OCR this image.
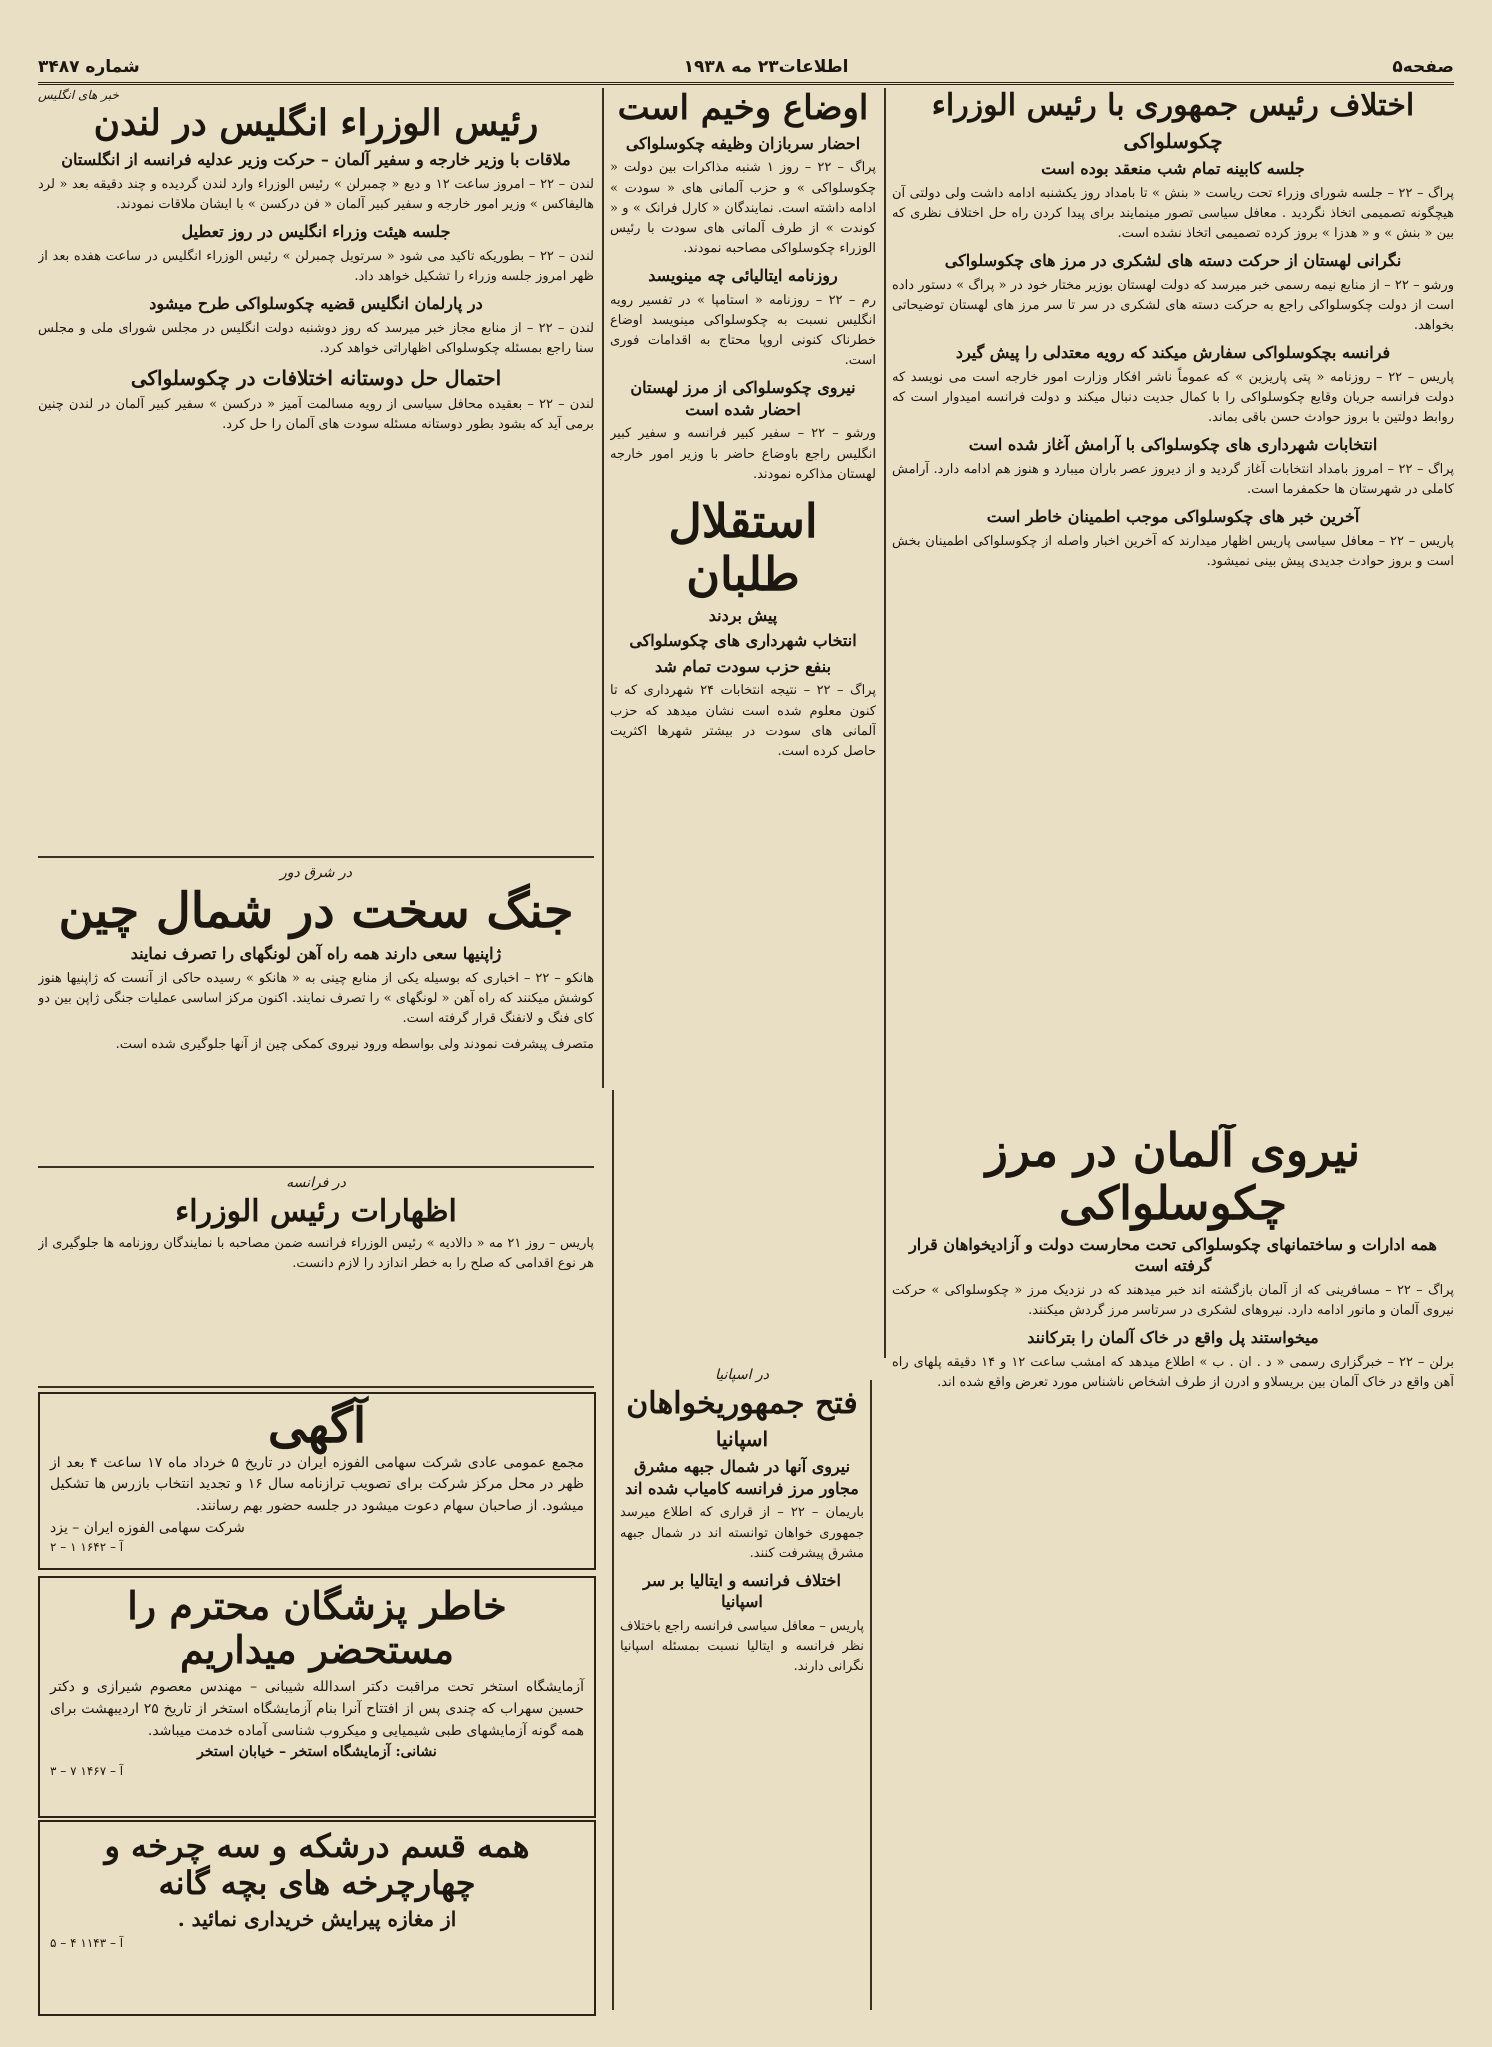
شماره ۳۴۸۷	اطلاعات۲۳ مه ۱۹۳۸	صفحه۵
اختلاف رئیس جمهوری با رئیس الوزراء
چکوسلواکی
جلسه کابینه تمام شب منعقد بوده است

پراگ – ۲۲ – جلسه شورای وزراء تحت ریاست « بنش » تا بامداد روز یکشنبه ادامه داشت ولی دولتی آن هیچگونه تصمیمی اتخاذ نگردید . معافل سیاسی تصور مینمایند برای پیدا کردن راه حل اختلاف نظری که بین « بنش » و « هدزا » بروز کرده تصمیمی اتخاذ نشده است.

نگرانی لهستان از حرکت دسته های لشکری در مرز های چکوسلواکی

ورشو – ۲۲ – از منابع نیمه رسمی خبر میرسد که دولت لهستان بوزیر مختار خود در « پراگ » دستور داده است از دولت چکوسلواکی راجع به حرکت دسته های لشکری در سر تا سر مرز های لهستان توضیحاتی بخواهد.

فرانسه بچکوسلواکی سفارش میکند که رویه معتدلی را پیش گیرد

پاریس – ۲۲ – روزنامه « پتی پاریزین » که عموماً ناشر افکار وزارت امور خارجه است می نویسد که دولت فرانسه جریان وقایع چکوسلواکی را با کمال جدیت دنبال میکند و دولت فرانسه امیدوار است که روابط دولتین با بروز حوادث حسن باقی بماند.

انتخابات شهرداری های چکوسلواکی با آرامش آغاز شده است

پراگ – ۲۲ – امروز بامداد انتخابات آغاز گردید و از دیروز عصر باران میبارد و هنوز هم ادامه دارد. آرامش کاملی در شهرستان ها حکمفرما است.

آخرین خبر های چکوسلواکی موجب اطمینان خاطر است

پاریس – ۲۲ – معافل سیاسی پاریس اظهار میدارند که آخرین اخبار واصله از چکوسلواکی اطمینان بخش است و بروز حوادث جدیدی پیش بینی نمیشود.

اوضاع وخیم است
احضار سربازان وظیفه چکوسلواکی

پراگ – ۲۲ – روز ۱ شنبه مذاکرات بین دولت « چکوسلواکی » و حزب آلمانی های « سودت » ادامه داشته است. نمایندگان « کارل فرانک » و « کوندت » از طرف آلمانی های سودت با رئیس الوزراء چکوسلواکی مصاحبه نمودند.

روزنامه ایتالیائی چه مینویسد

رم – ۲۲ – روزنامه « استامپا » در تفسیر رویه انگلیس نسبت به چکوسلواکی مینویسد اوضاع خطرناک کنونی اروپا محتاج به اقدامات فوری است.

نیروی چکوسلواکی از مرز لهستان احضار شده است

ورشو – ۲۲ – سفیر کبیر فرانسه و سفیر کبیر انگلیس راجع باوضاع حاضر با وزیر امور خارجه لهستان مذاکره نمودند.

استقلال طلبان
پیش بردند
انتخاب شهرداری های چکوسلواکی
بنفع حزب سودت تمام شد

پراگ – ۲۲ – نتیجه انتخابات ۲۴ شهرداری که تا کنون معلوم شده است نشان میدهد که حزب آلمانی های سودت در بیشتر شهرها اکثریت حاصل کرده است.

خبر های انگلیس
رئیس الوزراء انگلیس در لندن
ملاقات با وزیر خارجه و سفیر آلمان – حرکت وزیر عدلیه فرانسه از انگلستان

لندن – ۲۲ – امروز ساعت ۱۲ و دیع « چمبرلن » رئیس الوزراء وارد لندن گردیده و چند دقیقه بعد « لرد هالیفاکس » وزیر امور خارجه و سفیر کبیر آلمان « فن درکسن » با ایشان ملاقات نمودند.

جلسه هیئت وزراء انگلیس در روز تعطیل

لندن – ۲۲ – بطوریکه تاکید می شود « سرتویل چمبرلن » رئیس الوزراء انگلیس در ساعت هفده بعد از ظهر امروز جلسه وزراء را تشکیل خواهد داد.

در پارلمان انگلیس قضیه چکوسلواکی طرح میشود

لندن – ۲۲ – از منابع مجاز خبر میرسد که روز دوشنبه دولت انگلیس در مجلس شورای ملی و مجلس سنا راجع بمسئله چکوسلواکی اظهاراتی خواهد کرد.

احتمال حل دوستانه اختلافات در چکوسلواکی

لندن – ۲۲ – بعقیده محافل سیاسی از رویه مسالمت آمیز « درکسن » سفیر کبیر آلمان در لندن چنین برمی آید که بشود بطور دوستانه مسئله سودت های آلمان را حل کرد.

در شرق دور
جنگ سخت در شمال چین
ژاپنیها سعی دارند همه راه آهن لونگهای را تصرف نمایند

هانکو – ۲۲ – اخباری که بوسیله یکی از منابع چینی به « هانکو » رسیده حاکی از آنست که ژاپنیها هنوز کوشش میکنند که راه آهن « لونگهای » را تصرف نمایند. اکنون مرکز اساسی عملیات جنگی ژاپن بین دو کای فنگ و لانفنگ قرار گرفته است.

متصرف پیشرفت نمودند ولی بواسطه ورود نیروی کمکی چین از آنها جلوگیری شده است.

در فرانسه
اظهارات رئیس الوزراء

پاریس – روز ۲۱ مه « دالادیه » رئیس الوزراء فرانسه ضمن مصاحبه با نمایندگان روزنامه ها جلوگیری از هر نوع اقدامی که صلح را به خطر اندازد را لازم دانست.

نیروی آلمان در مرز چکوسلواکی
همه ادارات و ساختمانهای چکوسلواکی تحت محارست دولت و آزادیخواهان قرار گرفته است

پراگ – ۲۲ – مسافرینی که از آلمان بازگشته اند خبر میدهند که در نزدیک مرز « چکوسلواکی » حرکت نیروی آلمان و مانور ادامه دارد. نیروهای لشکری در سرتاسر مرز گردش میکنند.

میخواستند پل واقع در خاک آلمان را بترکانند

برلن – ۲۲ – خبرگزاری رسمی « د . ان . ب » اطلاع میدهد که امشب ساعت ۱۲ و ۱۴ دقیقه پلهای راه آهن واقع در خاک آلمان بین بریسلاو و ادرن از طرف اشخاص ناشناس مورد تعرض واقع شده اند.

در اسپانیا
فتح جمهوریخواهان
اسپانیا
نیروی آنها در شمال جبهه مشرق مجاور مرز فرانسه کامیاب شده اند

باریمان – ۲۲ – از قراری که اطلاع میرسد جمهوری خواهان توانسته اند در شمال جبهه مشرق پیشرفت کنند.

اختلاف فرانسه و ایتالیا بر سر اسپانیا

پاریس – معافل سیاسی فرانسه راجع باختلاف نظر فرانسه و ایتالیا نسبت بمسئله اسپانیا نگرانی دارند.

آگهی
مجمع عمومی عادی شرکت سهامی الفوزه ایران در تاریخ ۵ خرداد ماه ۱۷ ساعت ۴ بعد از ظهر در محل مرکز شرکت برای تصویب ترازنامه سال ۱۶ و تجدید انتخاب بازرس ها تشکیل میشود. از صاحبان سهام دعوت میشود در جلسه حضور بهم رسانند.
شرکت سهامی الفوزه ایران – یزد
آ – ۱۶۴۲ ۱ – ۲
خاطر پزشگان محترم را مستحضر میداریم
آزمایشگاه استخر تحت مراقبت دکتر اسدالله شیبانی – مهندس معصوم شیرازی و دکتر حسین سهراب که چندی پس از افتتاح آنرا بنام آزمایشگاه استخر از تاریخ ۲۵ اردیبهشت برای همه گونه آزمایشهای طبی شیمیایی و میکروب شناسی آماده خدمت میباشد.
نشانی: آزمایشگاه استخر – خیابان استخر
آ – ۱۴۶۷ ۷ – ۳
همه قسم درشکه و سه چرخه و چهارچرخه های بچه گانه
از مغازه پیرایش خریداری نمائید .
آ – ۱۱۴۳ ۴ – ۵
